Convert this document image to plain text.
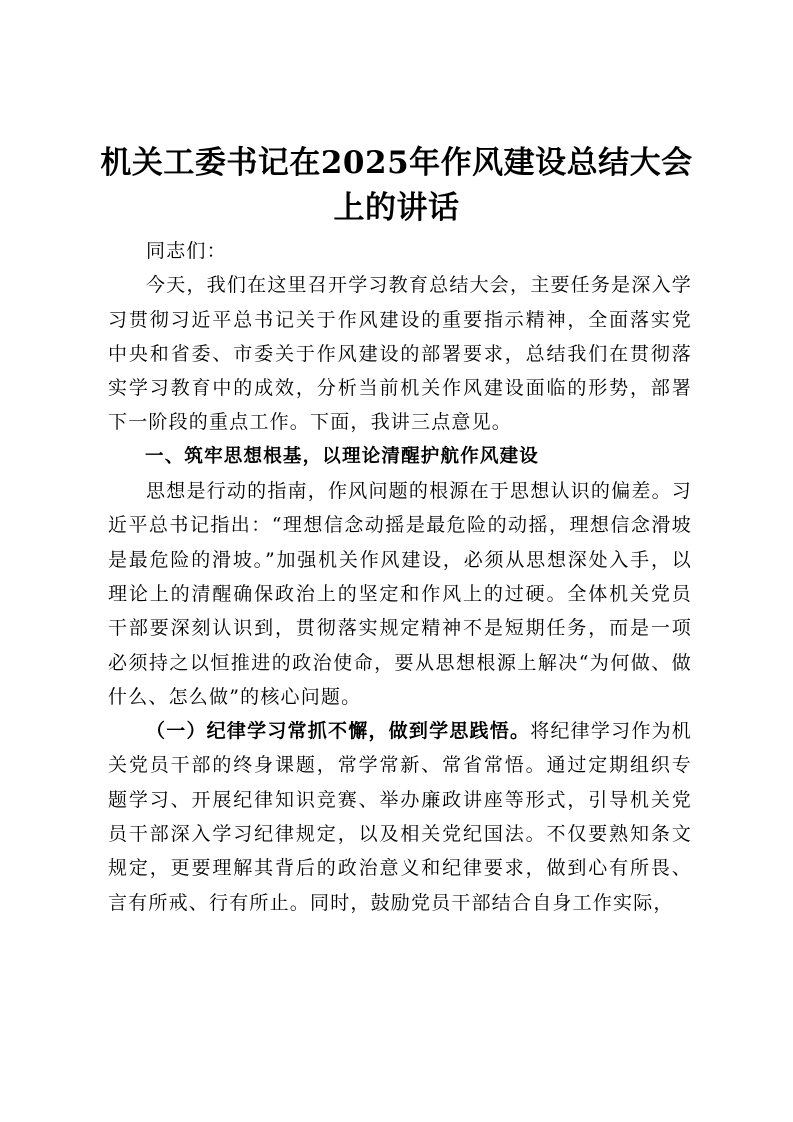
机关工委书记在2025年作风建设总结大会上的讲话

同志们：

今天，我们在这里召开学习教育总结大会，主要任务是深入学习贯彻习近平总书记关于作风建设的重要指示精神，全面落实党中央和省委、市委关于作风建设的部署要求，总结我们在贯彻落实学习教育中的成效，分析当前机关作风建设面临的形势，部署下一阶段的重点工作。下面，我讲三点意见。

一、筑牢思想根基，以理论清醒护航作风建设

思想是行动的指南，作风问题的根源在于思想认识的偏差。习近平总书记指出：“理想信念动摇是最危险的动摇，理想信念滑坡是最危险的滑坡。”加强机关作风建设，必须从思想深处入手，以理论上的清醒确保政治上的坚定和作风上的过硬。全体机关党员干部要深刻认识到，贯彻落实规定精神不是短期任务，而是一项必须持之以恒推进的政治使命，要从思想根源上解决“为何做、做什么、怎么做”的核心问题。

（一）纪律学习常抓不懈，做到学思践悟。将纪律学习作为机关党员干部的终身课题，常学常新、常省常悟。通过定期组织专题学习、开展纪律知识竞赛、举办廉政讲座等形式，引导机关党员干部深入学习纪律规定，以及相关党纪国法。不仅要熟知条文规定，更要理解其背后的政治意义和纪律要求，做到心有所畏、言有所戒、行有所止。同时，鼓励党员干部结合自身工作实际，
